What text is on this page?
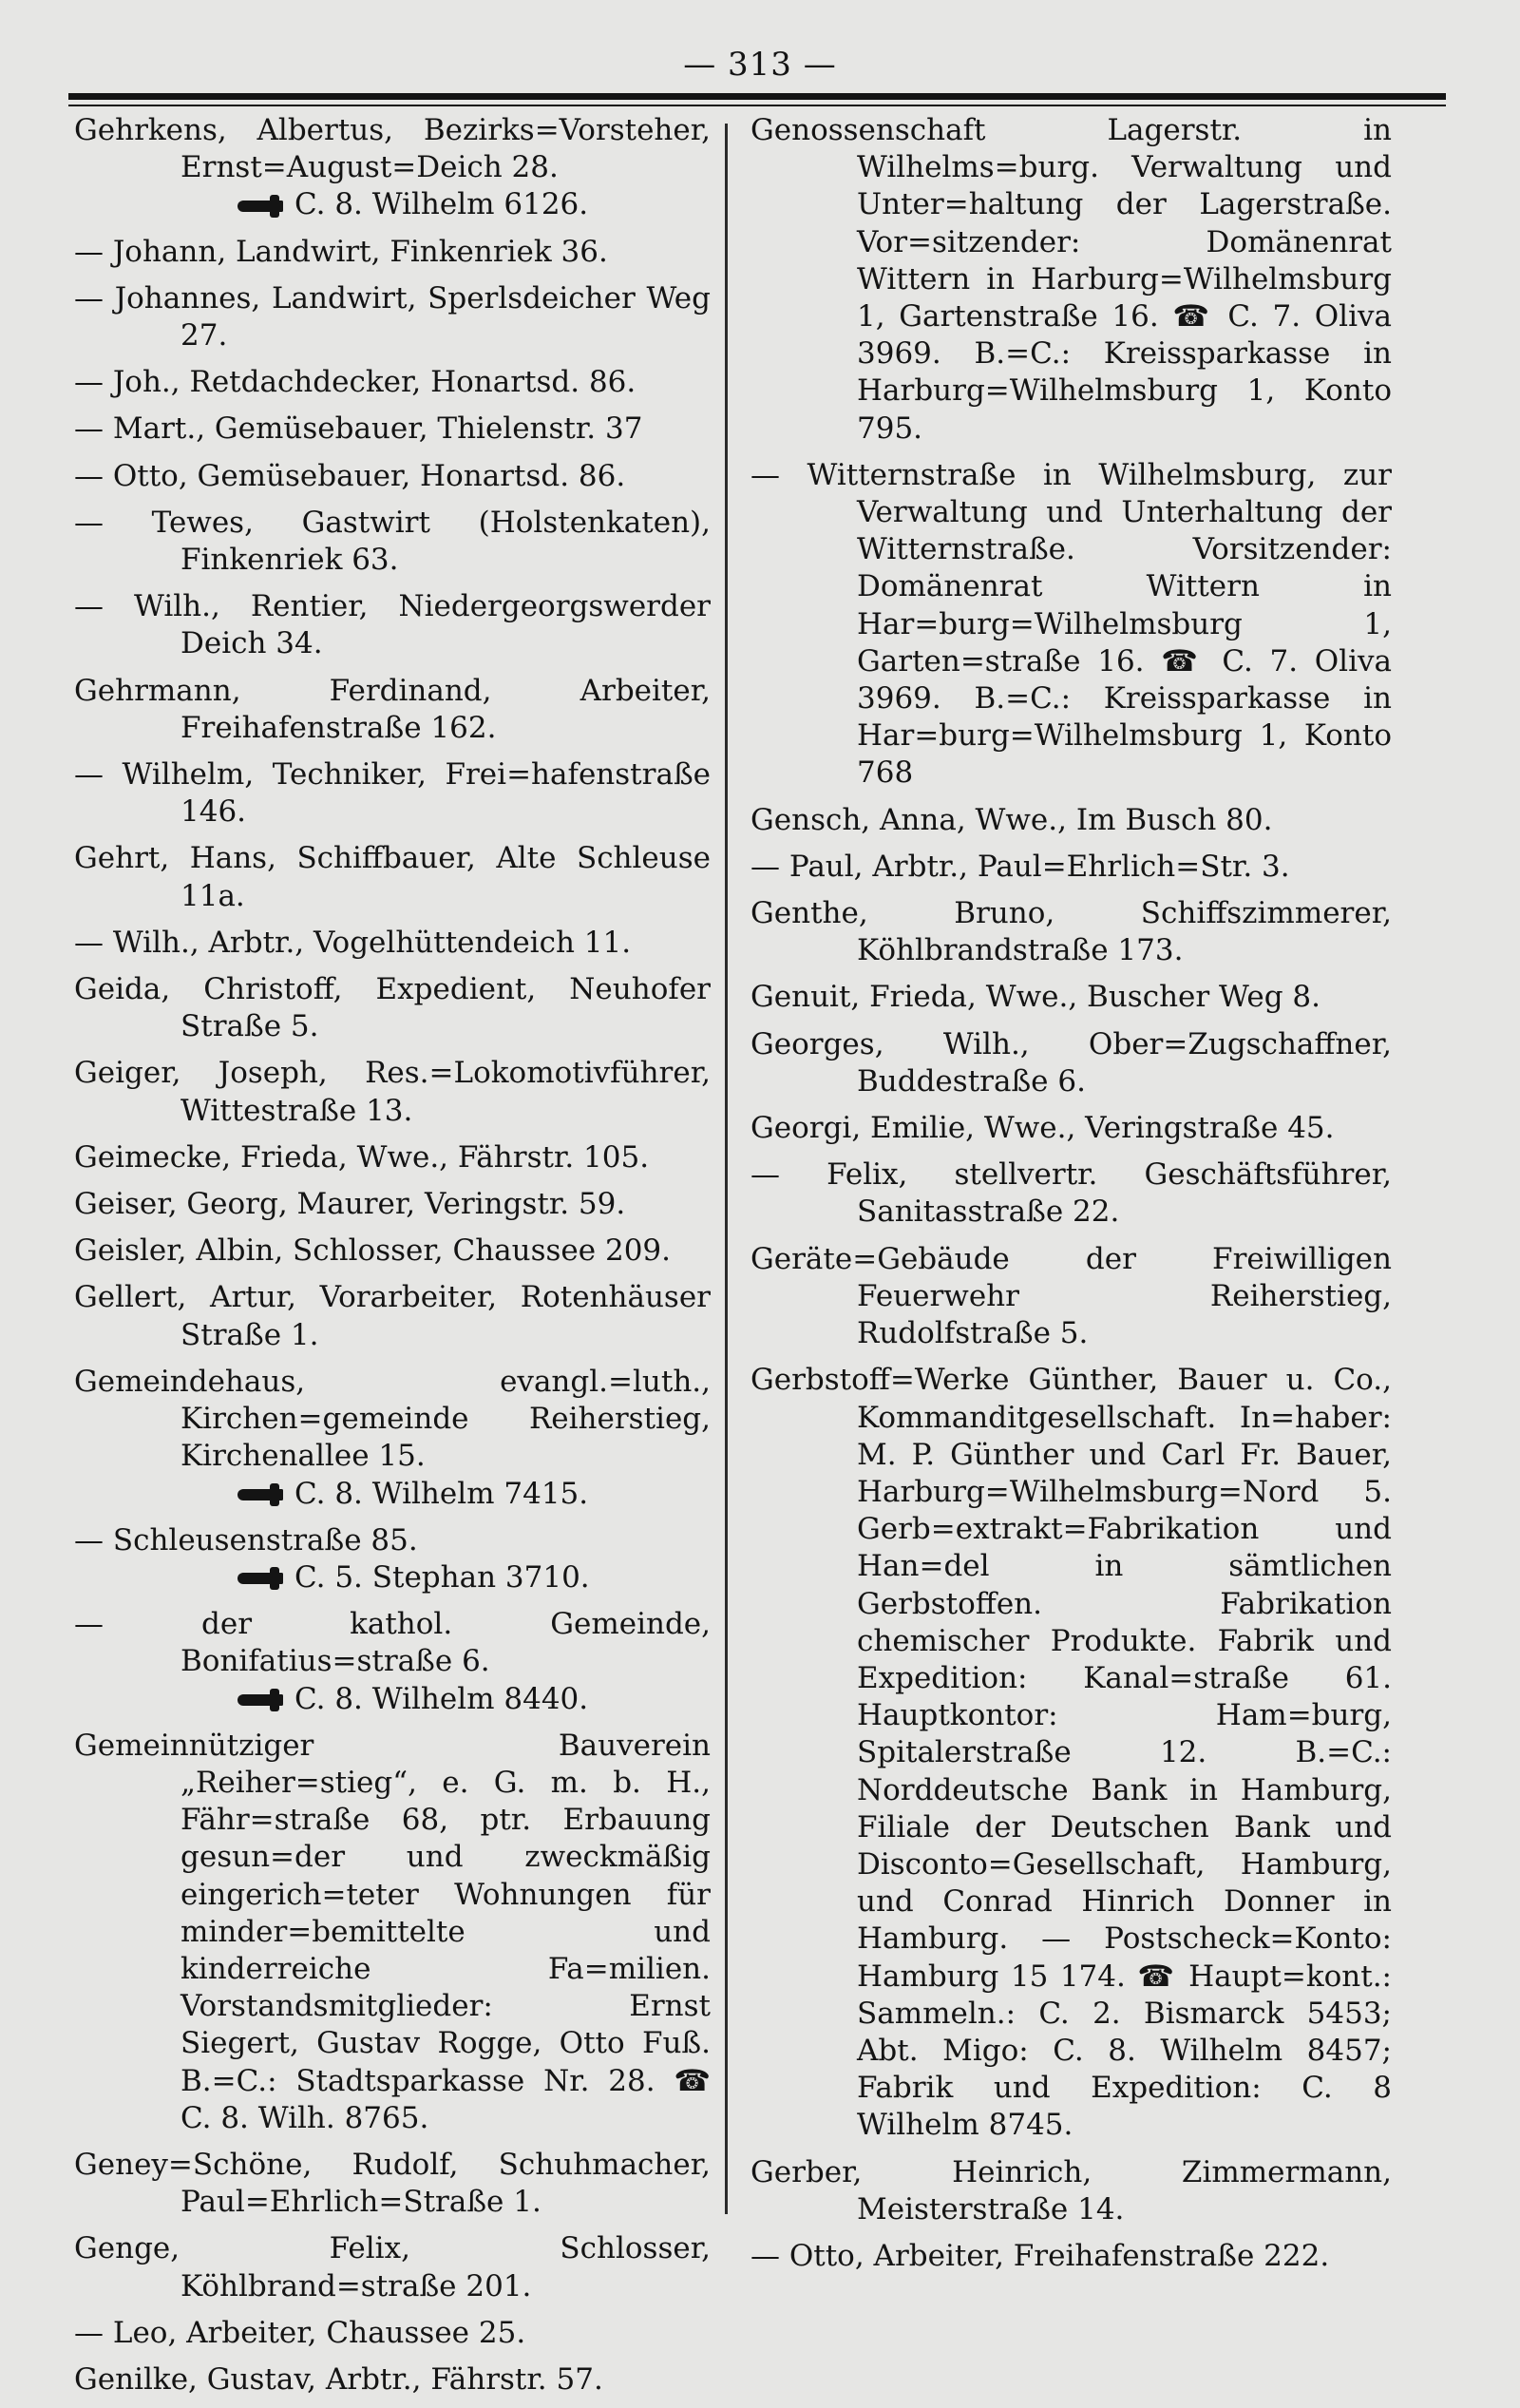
— 313 —
Gehrkens, Albertus, Bezirks=Vorsteher, Ernst=August=Deich 28.
C. 8. Wilhelm 6126.
— Johann, Landwirt, Finkenriek 36.
— Johannes, Landwirt, Sperlsdeicher Weg 27.
— Joh., Retdachdecker, Honartsd. 86.
— Mart., Gemüsebauer, Thielenstr. 37
— Otto, Gemüsebauer, Honartsd. 86.
— Tewes, Gastwirt (Holstenkaten), Finkenriek 63.
— Wilh., Rentier, Niedergeorgswerder Deich 34.
Gehrmann, Ferdinand, Arbeiter, Freihafenstraße 162.
— Wilhelm, Techniker, Frei=hafenstraße 146.
Gehrt, Hans, Schiffbauer, Alte Schleuse 11a.
— Wilh., Arbtr., Vogelhüttendeich 11.
Geida, Christoff, Expedient, Neuhofer Straße 5.
Geiger, Joseph, Res.=Lokomotivführer, Wittestraße 13.
Geimecke, Frieda, Wwe., Fährstr. 105.
Geiser, Georg, Maurer, Veringstr. 59.
Geisler, Albin, Schlosser, Chaussee 209.
Gellert, Artur, Vorarbeiter, Rotenhäuser Straße 1.
Gemeindehaus, evangl.=luth., Kirchen=gemeinde Reiherstieg, Kirchenallee 15.
C. 8. Wilhelm 7415.
— Schleusenstraße 85.
C. 5. Stephan 3710.
— der kathol. Gemeinde, Bonifatius=straße 6.
C. 8. Wilhelm 8440.
Gemeinnütziger Bauverein „Reiher=stieg“, e. G. m. b. H., Fähr=straße 68, ptr. Erbauung gesun=der und zweckmäßig eingerich=teter Wohnungen für minder=bemittelte und kinderreiche Fa=milien. Vorstandsmitglieder: Ernst Siegert, Gustav Rogge, Otto Fuß. B.=C.: Stadtsparkasse Nr. 28. ☎ C. 8. Wilh. 8765.
Geney=Schöne, Rudolf, Schuhmacher, Paul=Ehrlich=Straße 1.
Genge, Felix, Schlosser, Köhlbrand=straße 201.
— Leo, Arbeiter, Chaussee 25.
Genilke, Gustav, Arbtr., Fährstr. 57.
Genossenschaft Lagerstr. in Wilhelms=burg. Verwaltung und Unter=haltung der Lagerstraße. Vor=sitzender: Domänenrat Wittern in Harburg=Wilhelmsburg 1, Gartenstraße 16. ☎ C. 7. Oliva 3969. B.=C.: Kreissparkasse in Harburg=Wilhelmsburg 1, Konto 795.
— Witternstraße in Wilhelmsburg, zur Verwaltung und Unterhaltung der Witternstraße. Vorsitzender: Domänenrat Wittern in Har=burg=Wilhelmsburg 1, Garten=straße 16. ☎ C. 7. Oliva 3969. B.=C.: Kreissparkasse in Har=burg=Wilhelmsburg 1, Konto 768
Gensch, Anna, Wwe., Im Busch 80.
— Paul, Arbtr., Paul=Ehrlich=Str. 3.
Genthe, Bruno, Schiffszimmerer, Köhlbrandstraße 173.
Genuit, Frieda, Wwe., Buscher Weg 8.
Georges, Wilh., Ober=Zugschaffner, Buddestraße 6.
Georgi, Emilie, Wwe., Veringstraße 45.
— Felix, stellvertr. Geschäftsführer, Sanitasstraße 22.
Geräte=Gebäude der Freiwilligen Feuerwehr Reiherstieg, Rudolfstraße 5.
Gerbstoff=Werke Günther, Bauer u. Co., Kommanditgesellschaft. In=haber: M. P. Günther und Carl Fr. Bauer, Harburg=Wilhelmsburg=Nord 5. Gerb=extrakt=Fabrikation und Han=del in sämtlichen Gerbstoffen. Fabrikation chemischer Produkte. Fabrik und Expedition: Kanal=straße 61. Hauptkontor: Ham=burg, Spitalerstraße 12. B.=C.: Norddeutsche Bank in Hamburg, Filiale der Deutschen Bank und Disconto=Gesellschaft, Hamburg, und Conrad Hinrich Donner in Hamburg. — Postscheck=Konto: Hamburg 15 174. ☎ Haupt=kont.: Sammeln.: C. 2. Bismarck 5453; Abt. Migo: C. 8. Wilhelm 8457; Fabrik und Expedition: C. 8 Wilhelm 8745.
Gerber, Heinrich, Zimmermann, Meisterstraße 14.
— Otto, Arbeiter, Freihafenstraße 222.
